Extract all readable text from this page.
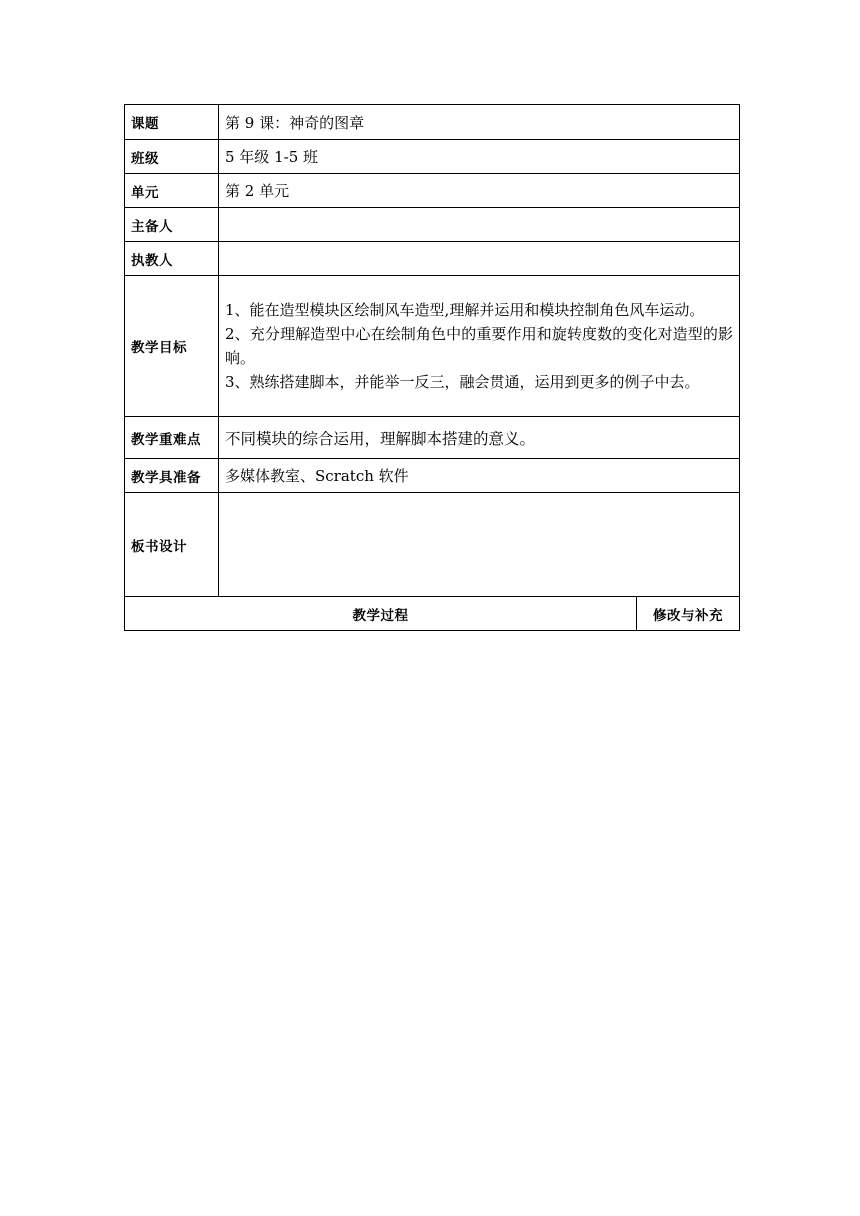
课题	第 9 课：神奇的图章	
班级	5 年级 1-5 班	
单元	第 2 单元	
主备人		
执教人		
教学目标	1、能在造型模块区绘制风车造型,理解并运用和模块控制角色风车运动。

2、充分理解造型中心在绘制角色中的重要作用和旋转度数的变化对造型的影响。

3、熟练搭建脚本，并能举一反三，融会贯通，运用到更多的例子中去。	

教学重难点	不同模块的综合运用，理解脚本搭建的意义。	
教学具准备	多媒体教室、Scratch 软件	
板书设计		
教学过程		修改与补充
